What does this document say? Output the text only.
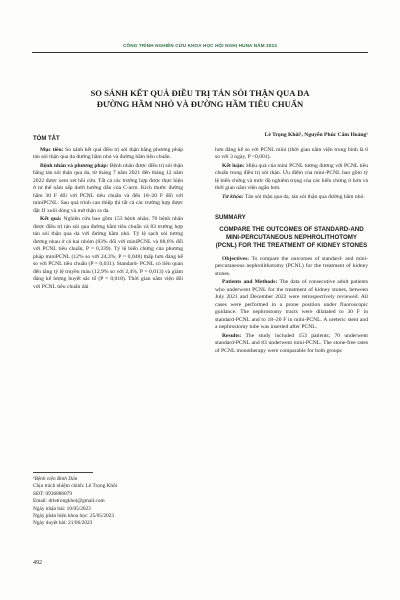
CÔNG TRÌNH NGHIÊN CỨU KHOA HỌC HỘI NGHỊ HUNA NĂM 2023
SO SÁNH KẾT QUẢ ĐIỀU TRỊ TÁN SỎI THẬN QUA DA
ĐƯỜNG HẦM NHỎ VÀ ĐƯỜNG HẦM TIÊU CHUẨN
TÓM TẮT

Mục tiêu: So sánh kết quả điều trị sỏi thận bằng phương pháp tán sỏi thận qua da đường hầm nhỏ và đường hầm tiêu chuẩn.

Bệnh nhân và phương pháp: Bệnh nhân được điều trị sỏi thận bằng tán sỏi thận qua da, từ tháng 7 năm 2021 đến tháng 12 năm 2022 được xem xét hồi cứu. Tất cả các trường hợp được thực hiện ở tư thế nằm sấp dưới hướng dẫn của C-arm. Kích thước đường hầm 30 F đối với PCNL tiêu chuẩn và đến 18–20 F đối với miniPCNL. Sau quá trình can thiệp thì tất cả các trường hợp được đặt JJ xuôi dòng và mở thận ra da.

Kết quả: Nghiên cứu bao gồm 153 bệnh nhân; 70 bệnh nhân được điều trị tán sỏi qua đường hầm tiêu chuẩn và 83 trường hợp tán sỏi thận qua da với đường hầm nhỏ. Tỷ lệ sạch sỏi tương đương nhau ở cả hai nhóm (83% đối với miniPCNL và 88,6% đối với PCNL tiêu chuẩn, P = 0,339). Tỷ lệ biến chứng của phương pháp miniPCNL (12% so với 24,3%, P = 0,048) thấp hơn đáng kể so với PCNL tiêu chuẩn (P = 0,031). Standard- PCNL có liên quan đến tăng tỷ lệ truyền máu (12,9% so với 2,4%, P = 0,013) và giảm đáng kể lượng huyết sắc tố (P = 0,018). Thời gian nằm viện đối với PCNL tiêu chuẩn dài

Lê Trọng Khôi¹, Nguyễn Phúc Cẩm Hoàng¹

hơn đáng kể so với PCNL mini (thời gian nằm viện trung bình là 6 so với 3 ngày, P <0,001).

Kết luận: Hiệu quả của mini PCNL tương đương với PCNL tiêu chuẩn trong điều trị sỏi thận. Ưu điểm của mini-PCNL bao gồm tỷ lệ biến chứng và mức độ nghiêm trọng của các biến chứng ít hơn và thời gian nằm viện ngắn hơn.

Từ khóa: Tán sỏi thận qua da, tán sỏi thận qua đường hầm nhỏ.

SUMMARY
COMPARE THE OUTCOMES OF STANDARD-AND MINI-PERCUTANEOUS NEPHROLITHOTOMY (PCNL) FOR THE TREATMENT OF KIDNEY STONES

Objectives: To compare the outcomes of standard- and mini-percutaneous nephrolithotomy (PCNL) for the treatment of kidney stones.

Patients and Methods: The data of consecutive adult patients who underwent PCNL for the treatment of kidney stones, between July 2021 and December 2022 were retrospectively reviewed. All cases were performed in a prone position under fluoroscopic guidance. The nephrostomy tracts were dilatated to 30 F in standard-PCNL and to 18–20 F in mini-PCNL. A ureteric stent and a nephrostomy tube was inserted after PCNL.

Results: The study included 153 patients; 70 underwent standard-PCNL and 83 underwent mini-PCNL. The stone-free rates of PCNL monotherapy were comparable for both groups

¹Bệnh viện Bình Dân
Chịu trách nhiệm chính: Lê Trọng Khôi
SĐT: 0936886879
Email: drletrongkhoi@gmail.com
Ngày nhận bài: 10/05/2023
Ngày phản biện khoa học: 25/05/2023
Ngày duyệt bài: 21/06/2023
492
